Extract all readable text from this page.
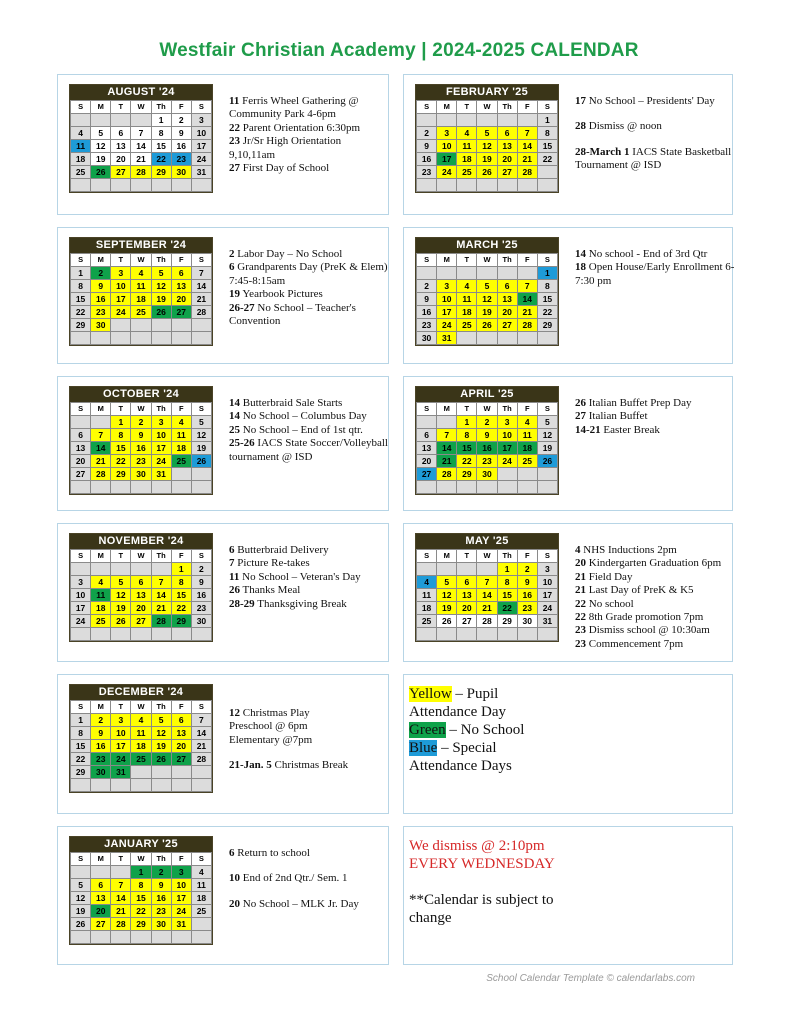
Westfair Christian Academy | 2024-2025 CALENDAR
AUGUST '24
S	M	T	W	Th	F	S
				1	2	3
4	5	6	7	8	9	10
11	12	13	14	15	16	17
18	19	20	21	22	23	24
25	26	27	28	29	30	31

11 Ferris Wheel Gathering @ Community Park 4-6pm
22 Parent Orientation 6:30pm
23 Jr/Sr High Orientation 9,10,11am
27 First Day of School
FEBRUARY '25
S	M	T	W	Th	F	S
						1
2	3	4	5	6	7	8
9	10	11	12	13	14	15
16	17	18	19	20	21	22
23	24	25	26	27	28	

17 No School – Presidents' Day
28 Dismiss @ noon
28-March 1 IACS State Basketball Tournament @ ISD
SEPTEMBER '24
S	M	T	W	Th	F	S
1	2	3	4	5	6	7
8	9	10	11	12	13	14
15	16	17	18	19	20	21
22	23	24	25	26	27	28
29	30					

2 Labor Day – No School
6 Grandparents Day (PreK & Elem) 7:45-8:15am
19 Yearbook Pictures
26-27 No School – Teacher's Convention
MARCH '25
S	M	T	W	Th	F	S
						1
2	3	4	5	6	7	8
9	10	11	12	13	14	15
16	17	18	19	20	21	22
23	24	25	26	27	28	29
30	31					
14 No school - End of 3rd Qtr
18 Open House/Early Enrollment 6-7:30 pm
OCTOBER '24
S	M	T	W	Th	F	S
		1	2	3	4	5
6	7	8	9	10	11	12
13	14	15	16	17	18	19
20	21	22	23	24	25	26
27	28	29	30	31		

14 Butterbraid Sale Starts
14 No School – Columbus Day
25 No School – End of 1st qtr.
25-26 IACS State Soccer/Volleyball tournament @ ISD
APRIL '25
S	M	T	W	Th	F	S
		1	2	3	4	5
6	7	8	9	10	11	12
13	14	15	16	17	18	19
20	21	22	23	24	25	26
27	28	29	30			

26 Italian Buffet Prep Day
27 Italian Buffet
14-21 Easter Break
NOVEMBER '24
S	M	T	W	Th	F	S
					1	2
3	4	5	6	7	8	9
10	11	12	13	14	15	16
17	18	19	20	21	22	23
24	25	26	27	28	29	30

6 Butterbraid Delivery
7 Picture Re-takes
11 No School – Veteran's Day
26 Thanks Meal
28-29 Thanksgiving Break
MAY '25
S	M	T	W	Th	F	S
				1	2	3
4	5	6	7	8	9	10
11	12	13	14	15	16	17
18	19	20	21	22	23	24
25	26	27	28	29	30	31

4 NHS Inductions 2pm
20 Kindergarten Graduation 6pm
21 Field Day
21 Last Day of PreK & K5
22 No school
22 8th Grade promotion 7pm
23 Dismiss school @ 10:30am
23 Commencement 7pm
DECEMBER '24
S	M	T	W	Th	F	S
1	2	3	4	5	6	7
8	9	10	11	12	13	14
15	16	17	18	19	20	21
22	23	24	25	26	27	28
29	30	31				

12 Christmas Play
Preschool @ 6pm
Elementary @7pm
21-Jan. 5 Christmas Break
Yellow – Pupil
Attendance Day
Green – No School
Blue – Special
Attendance Days
JANUARY '25
S	M	T	W	Th	F	S
			1	2	3	4
5	6	7	8	9	10	11
12	13	14	15	16	17	18
19	20	21	22	23	24	25
26	27	28	29	30	31	

6 Return to school
10 End of 2nd Qtr./ Sem. 1
20 No School – MLK Jr. Day
We dismiss @ 2:10pm
EVERY WEDNESDAY
**Calendar is subject to
change
School Calendar Template © calendarlabs.com
